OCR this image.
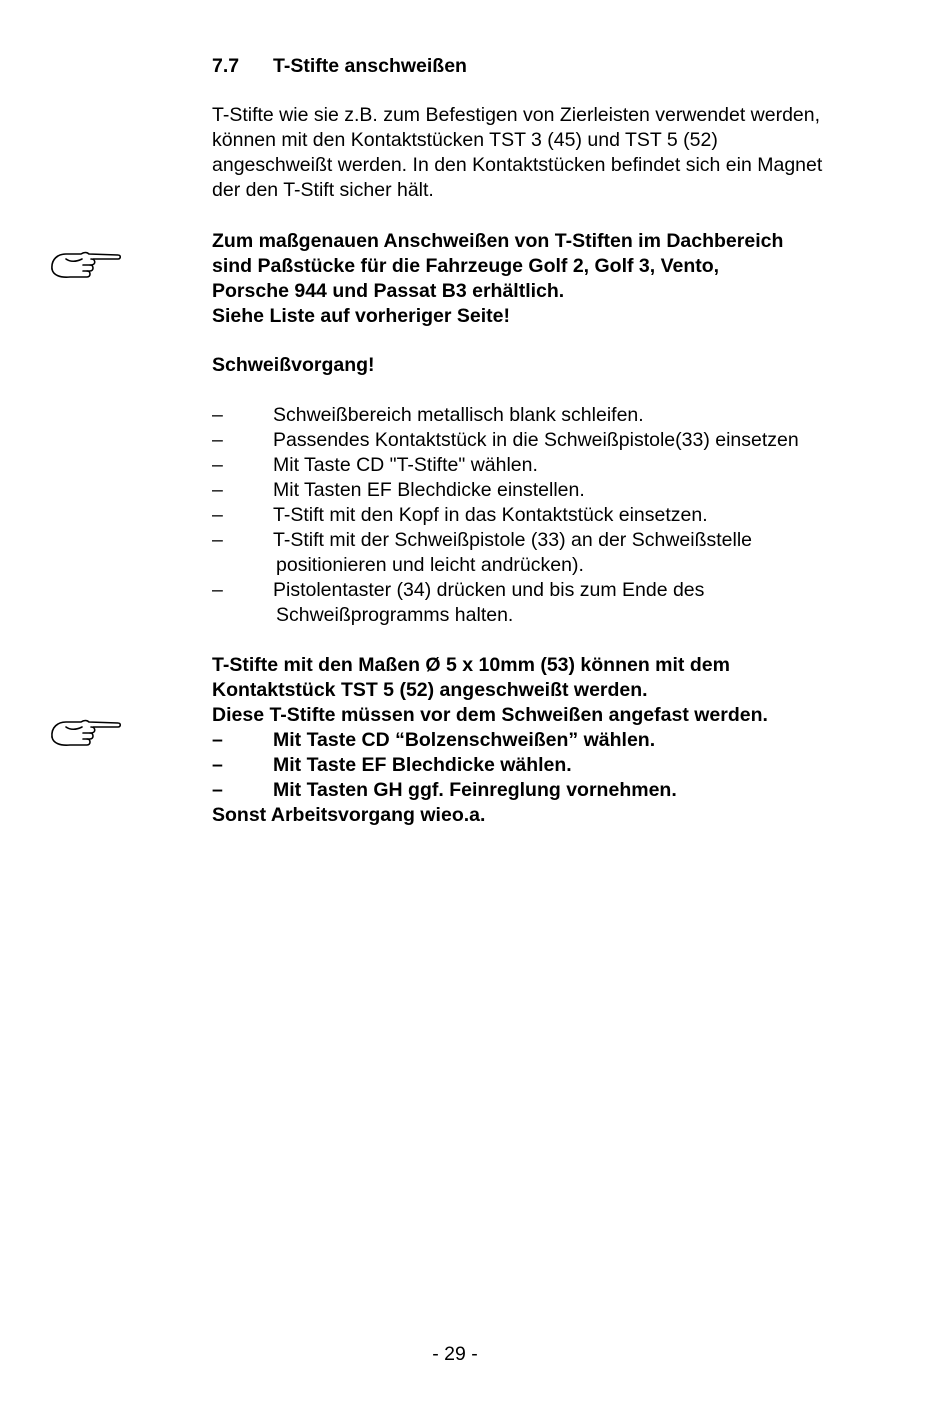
7.7 T-Stifte anschweißen
T-Stifte wie sie z.B. zum Befestigen von Zierleisten verwendet werden,
können mit den Kontaktstücken TST 3 (45) und TST 5 (52)
angeschweißt werden. In den Kontaktstücken befindet sich ein Magnet
der den T-Stift sicher hält.
Zum maßgenauen Anschweißen von T-Stiften im Dachbereich
sind Paßstücke für die Fahrzeuge Golf 2, Golf 3, Vento,
Porsche 944 und Passat B3 erhältlich.
Siehe Liste auf vorheriger Seite!
Schweißvorgang!
–	Schweißbereich metallisch blank schleifen.
–	Passendes Kontaktstück in die Schweißpistole(33) einsetzen
–	Mit Taste CD "T-Stifte" wählen.
–	Mit Tasten EF Blechdicke einstellen.
–	T-Stift mit den Kopf in das Kontaktstück einsetzen.
–	T-Stift mit der Schweißpistole (33) an der Schweißstelle
positionieren und leicht andrücken).
–	Pistolentaster (34) drücken und bis zum Ende des
Schweißprogramms halten.
T-Stifte mit den Maßen Ø 5 x 10mm (53) können mit dem
Kontaktstück TST 5 (52) angeschweißt werden.
Diese T-Stifte müssen vor dem Schweißen angefast werden.
–	Mit Taste CD “Bolzenschweißen” wählen.
–	Mit Taste EF Blechdicke wählen.
–	Mit Tasten GH ggf. Feinreglung vornehmen.
Sonst Arbeitsvorgang wieo.a.
- 29 -
